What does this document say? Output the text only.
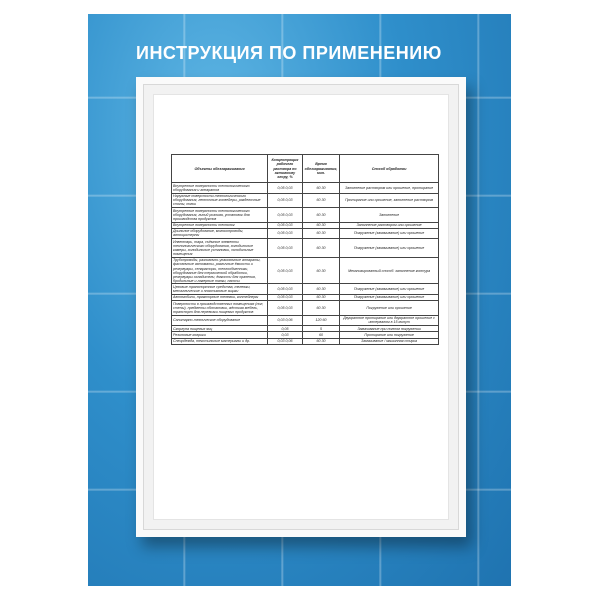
ИНСТРУКЦИЯ ПО ПРИМЕНЕНИЮ
Объекты обеззараживания	Концентрация рабочего раствора по активному хлору, %	Время обеззараживания, мин.	Способ обработки
Внутренние поверхности технологического оборудования и аппаратов	0,05 0,03	60 30	Заполнение раствором или орошение, протирание
Наружные поверхности технологического оборудования, ленточные конвейеры, разделочные столы, полки	0,05 0,03	60 30	Протирание или орошение, заполнение раствором
Внутренние поверхности технологического оборудования, линий розлива, установок для производства продуктов	0,05 0,03	60 30	Заполнение
Внутренние поверхности технолог	0,05 0,03	60 30	Заполнение раствором или орошение
Доильное оборудование, молокопроводы, автоцистерны	0,05 0,03	60 30	Погружение (замачивание) или орошение
Инвентарь, тара, съёмные элементы технологического оборудования, холодильные камеры, холодильные установки, холодильные помещения	0,05 0,03	60 30	Погружение (замачивание) или орошение
Трубопроводы, разливочно-упаковочные аппараты, фасовочные автоматы, различные ёмкости и резервуары, сепараторы, теплообменники, оборудование для термической обработки, резервуары охладители, ёмкости для хранения, бродильные и лагерные танки, насосы	0,05 0,03	60 30	Механизированный способ: заполнение контура
Цеховые транспортные средства, тележки, металлические и пластиковые ящики	0,05 0,03	60 30	Погружение (замачивание) или орошение
Автомобили, тракторные тележки, контейнеры	0,05 0,03	60 30	Погружение (замачивание) или орошение
Поверхности в производственных помещениях (пол, стены), предметы обстановки, жёсткая мебель, транспорт для перевозки пищевых продуктов	0,05 0,03	60 30	Погружение или орошение
Санитарно-техническое оборудование	0,03 0,06	120 60	Двукратное протирание или двукратное орошение с интервалом в 15 минут
Скорлупа пищевых яиц	0,05	5	Замачивание при полном погружении
Резиновые коврики	0,03	60	Протирание или погружение
Спецодежда, текстильные материалы и др.	0,03 0,06	60 30	Замачивание / машинная стирка
